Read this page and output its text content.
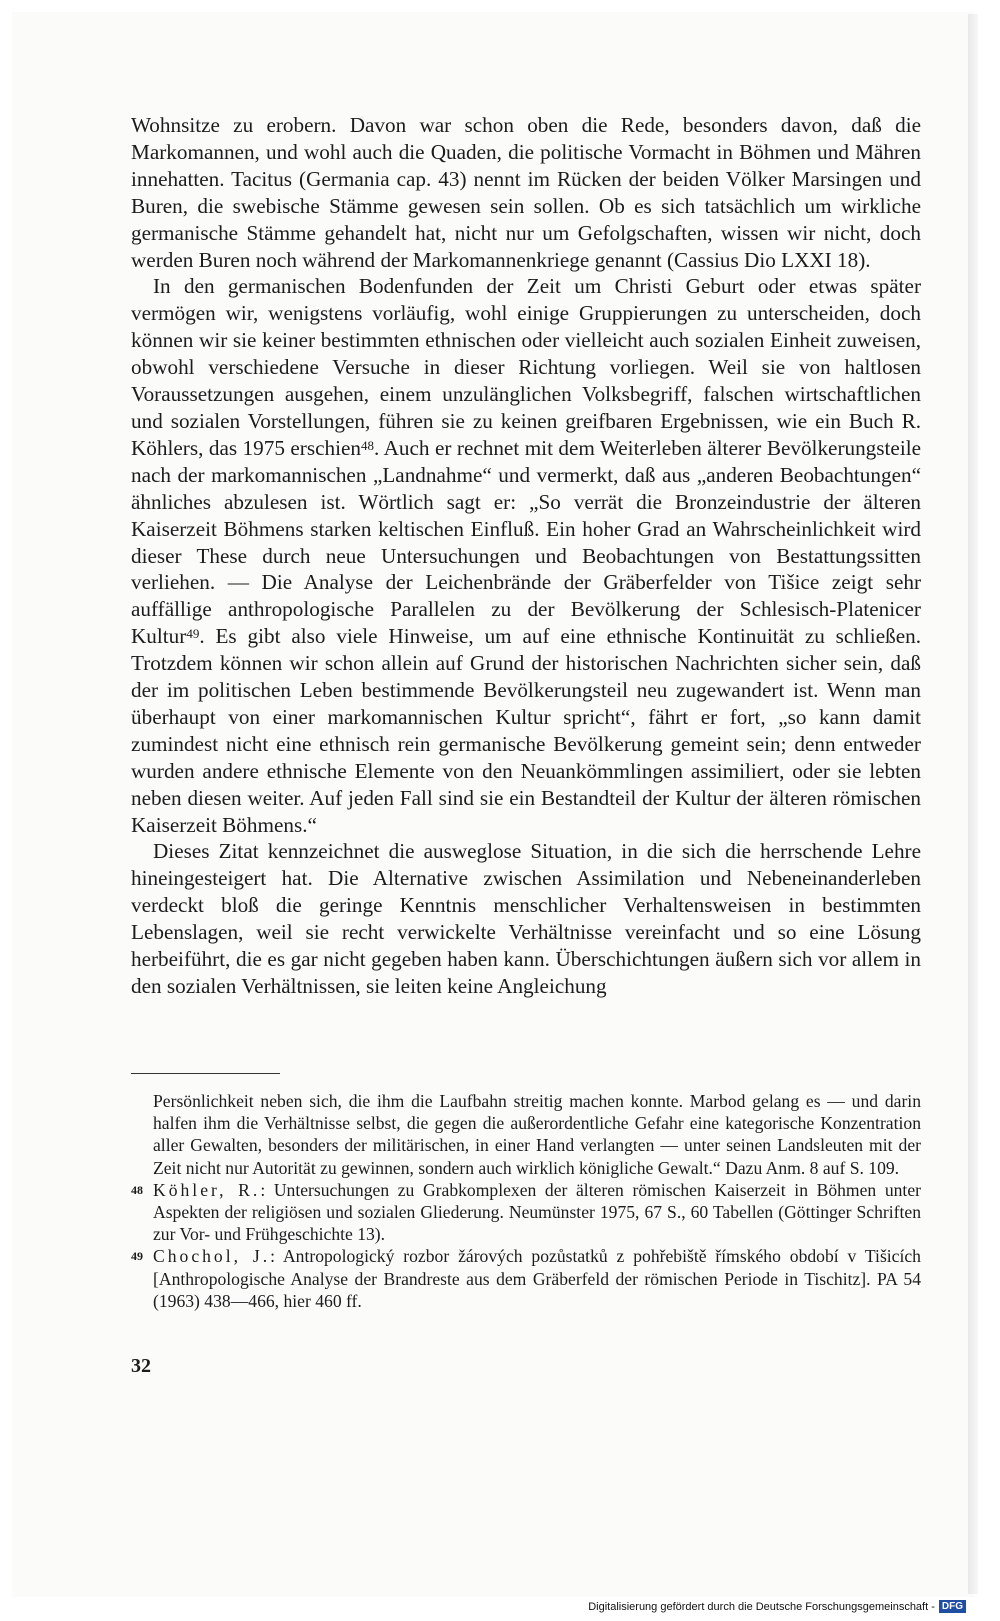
Wohnsitze zu erobern. Davon war schon oben die Rede, besonders davon, daß die Markomannen, und wohl auch die Quaden, die politische Vormacht in Böhmen und Mähren innehatten. Tacitus (Germania cap. 43) nennt im Rücken der beiden Völker Marsingen und Buren, die swebische Stämme gewesen sein sollen. Ob es sich tatsächlich um wirkliche germanische Stämme gehandelt hat, nicht nur um Gefolgschaften, wissen wir nicht, doch werden Buren noch während der Markomannenkriege genannt (Cassius Dio LXXI 18).

In den germanischen Bodenfunden der Zeit um Christi Geburt oder etwas später vermögen wir, wenigstens vorläufig, wohl einige Gruppierungen zu unterscheiden, doch können wir sie keiner bestimmten ethnischen oder vielleicht auch sozialen Einheit zuweisen, obwohl verschiedene Versuche in dieser Richtung vorliegen. Weil sie von haltlosen Voraussetzungen ausgehen, einem unzulänglichen Volksbegriff, falschen wirtschaftlichen und sozialen Vorstellungen, führen sie zu keinen greifbaren Ergebnissen, wie ein Buch R. Köhlers, das 1975 erschien$^{48}$. Auch er rechnet mit dem Weiterleben älterer Bevölkerungsteile nach der markomannischen „Landnahme“ und vermerkt, daß aus „anderen Beobachtungen“ ähnliches abzulesen ist. Wörtlich sagt er: „So verrät die Bronzeindustrie der älteren Kaiserzeit Böhmens starken keltischen Einfluß. Ein hoher Grad an Wahrscheinlichkeit wird dieser These durch neue Untersuchungen und Beobachtungen von Bestattungssitten verliehen. — Die Analyse der Leichenbrände der Gräberfelder von Tišice zeigt sehr auffällige anthropologische Parallelen zu der Bevölkerung der Schlesisch-Platenicer Kultur$^{49}$. Es gibt also viele Hinweise, um auf eine ethnische Kontinuität zu schließen. Trotzdem können wir schon allein auf Grund der historischen Nachrichten sicher sein, daß der im politischen Leben bestimmende Bevölkerungsteil neu zugewandert ist. Wenn man überhaupt von einer markomannischen Kultur spricht“, fährt er fort, „so kann damit zumindest nicht eine ethnisch rein germanische Bevölkerung gemeint sein; denn entweder wurden andere ethnische Elemente von den Neuankömmlingen assimiliert, oder sie lebten neben diesen weiter. Auf jeden Fall sind sie ein Bestandteil der Kultur der älteren römischen Kaiserzeit Böhmens.“

Dieses Zitat kennzeichnet die ausweglose Situation, in die sich die herrschende Lehre hineingesteigert hat. Die Alternative zwischen Assimilation und Nebeneinanderleben verdeckt bloß die geringe Kenntnis menschlicher Verhaltensweisen in bestimmten Lebenslagen, weil sie recht verwickelte Verhältnisse vereinfacht und so eine Lösung herbeiführt, die es gar nicht gegeben haben kann. Überschichtungen äußern sich vor allem in den sozialen Verhältnissen, sie leiten keine Angleichung

Persönlichkeit neben sich, die ihm die Laufbahn streitig machen konnte. Marbod gelang es — und darin halfen ihm die Verhältnisse selbst, die gegen die außerordentliche Gefahr eine kategorische Konzentration aller Gewalten, besonders der militärischen, in einer Hand verlangten — unter seinen Landsleuten mit der Zeit nicht nur Autorität zu gewinnen, sondern auch wirklich königliche Gewalt.“ Dazu Anm. 8 auf S. 109.
48 Köhler, R.: Untersuchungen zu Grabkomplexen der älteren römischen Kaiserzeit in Böhmen unter Aspekten der religiösen und sozialen Gliederung. Neumünster 1975, 67 S., 60 Tabellen (Göttinger Schriften zur Vor- und Frühgeschichte 13).
49 Chochol, J.: Antropologický rozbor žárových pozůstatků z pohřebiště římského období v Tišicích [Anthropologische Analyse der Brandreste aus dem Gräberfeld der römischen Periode in Tischitz]. PA 54 (1963) 438—466, hier 460 ff.
32
Digitalisierung gefördert durch die Deutsche Forschungsgemeinschaft - DFG
